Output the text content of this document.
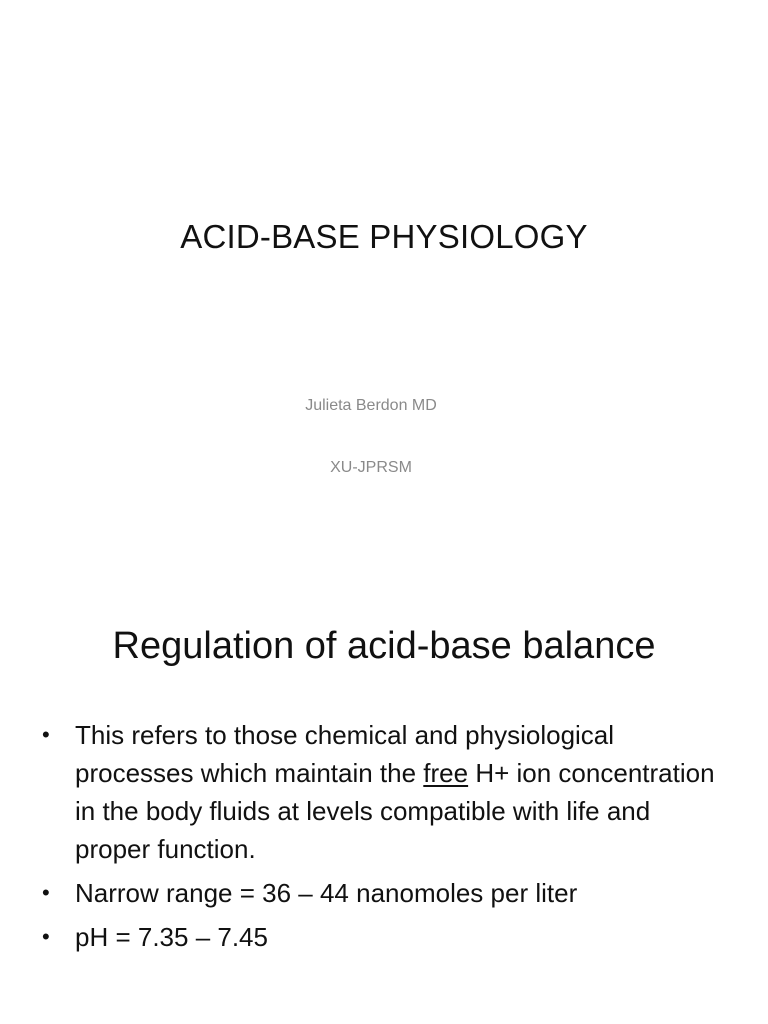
ACID-BASE PHYSIOLOGY
Julieta Berdon MD
XU-JPRSM
Regulation of acid-base balance
• This refers to those chemical and physiological processes which maintain the free H+ ion concentration in the body fluids at levels compatible with life and proper function.
• Narrow range = 36 – 44 nanomoles per liter
• pH = 7.35 – 7.45
